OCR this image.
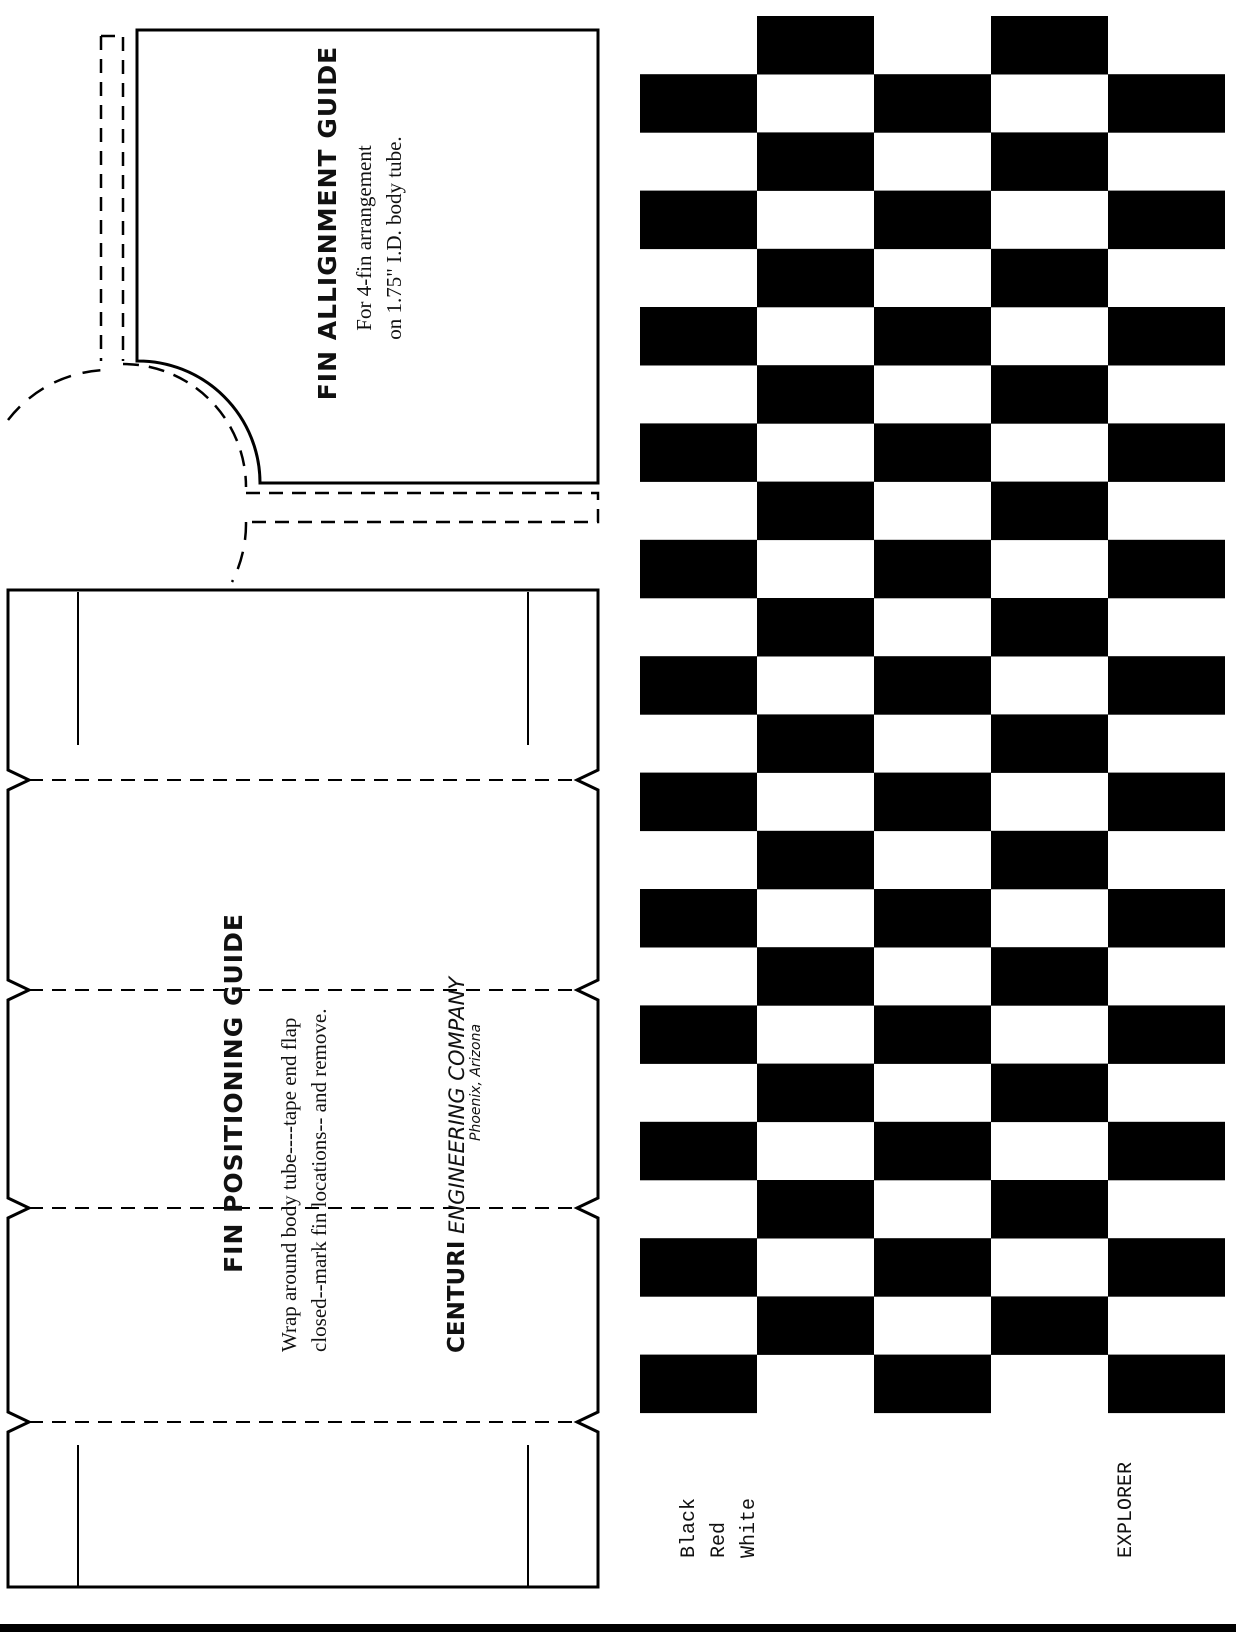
FIN ALLIGNMENT GUIDE For 4-fin arrangement on 1.75" I.D. body tube.
FIN POSITIONING GUIDE Wrap around body tube----tape end flap closed--mark fin locations-- and remove.	CENTURI ENGINEERING COMPANY Phoenix, Arizona
Black Red White	EXPLORER
